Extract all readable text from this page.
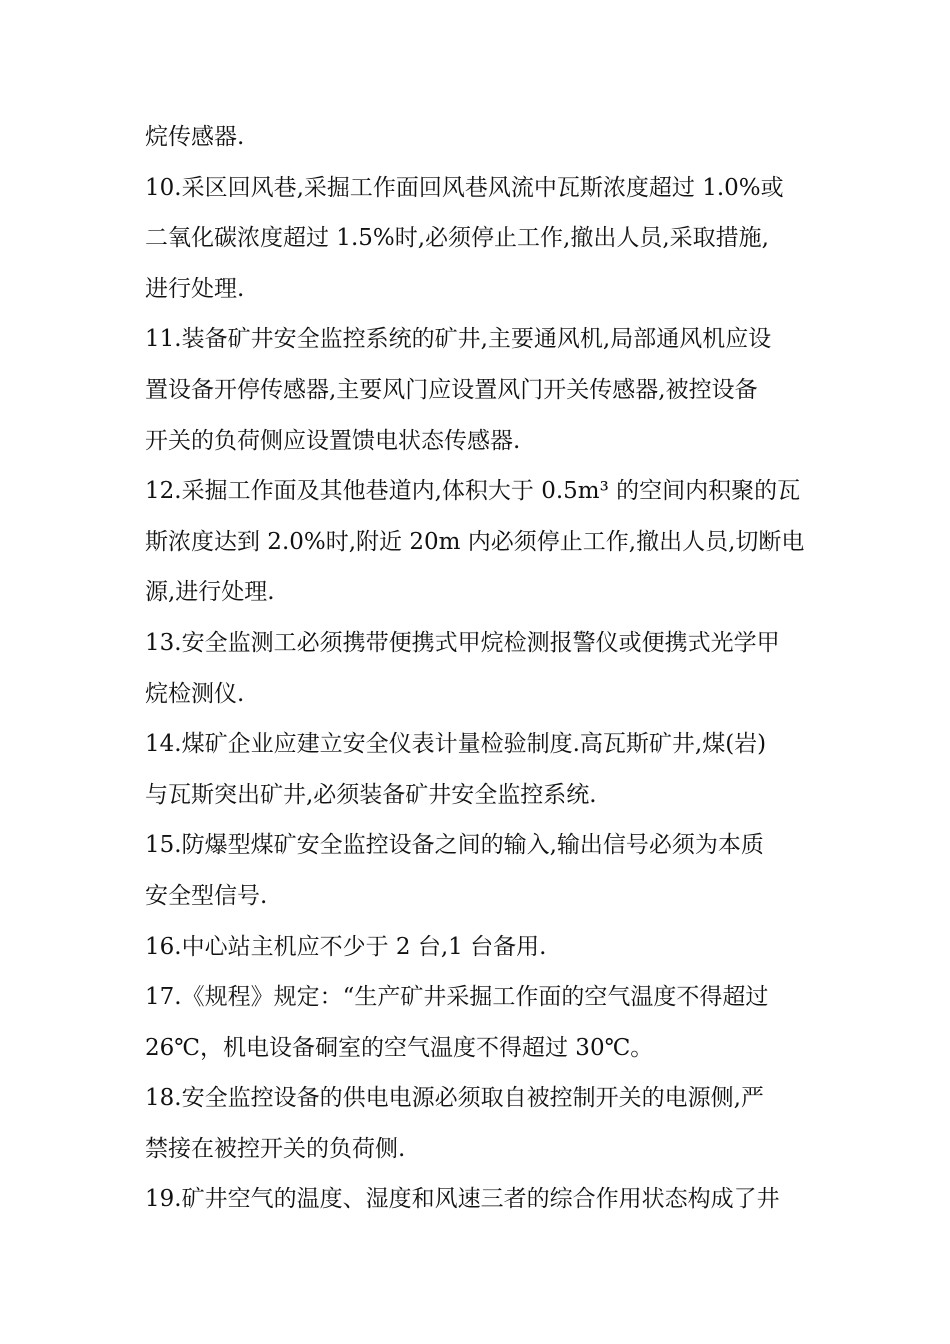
烷传感器.
10.采区回风巷,采掘工作面回风巷风流中瓦斯浓度超过 1.0%或
二氧化碳浓度超过 1.5%时,必须停止工作,撤出人员,采取措施,
进行处理.
11.装备矿井安全监控系统的矿井,主要通风机,局部通风机应设
置设备开停传感器,主要风门应设置风门开关传感器,被控设备
开关的负荷侧应设置馈电状态传感器.
12.采掘工作面及其他巷道内,体积大于 0.5m³ 的空间内积聚的瓦
斯浓度达到 2.0%时,附近 20m 内必须停止工作,撤出人员,切断电
源,进行处理.
13.安全监测工必须携带便携式甲烷检测报警仪或便携式光学甲
烷检测仪.
14.煤矿企业应建立安全仪表计量检验制度.高瓦斯矿井,煤(岩)
与瓦斯突出矿井,必须装备矿井安全监控系统.
15.防爆型煤矿安全监控设备之间的输入,输出信号必须为本质
安全型信号.
16.中心站主机应不少于 2 台,1 台备用.
17.《规程》规定：“生产矿井采掘工作面的空气温度不得超过
26℃，机电设备硐室的空气温度不得超过 30℃。
18.安全监控设备的供电电源必须取自被控制开关的电源侧,严
禁接在被控开关的负荷侧.
19.矿井空气的温度、湿度和风速三者的综合作用状态构成了井
